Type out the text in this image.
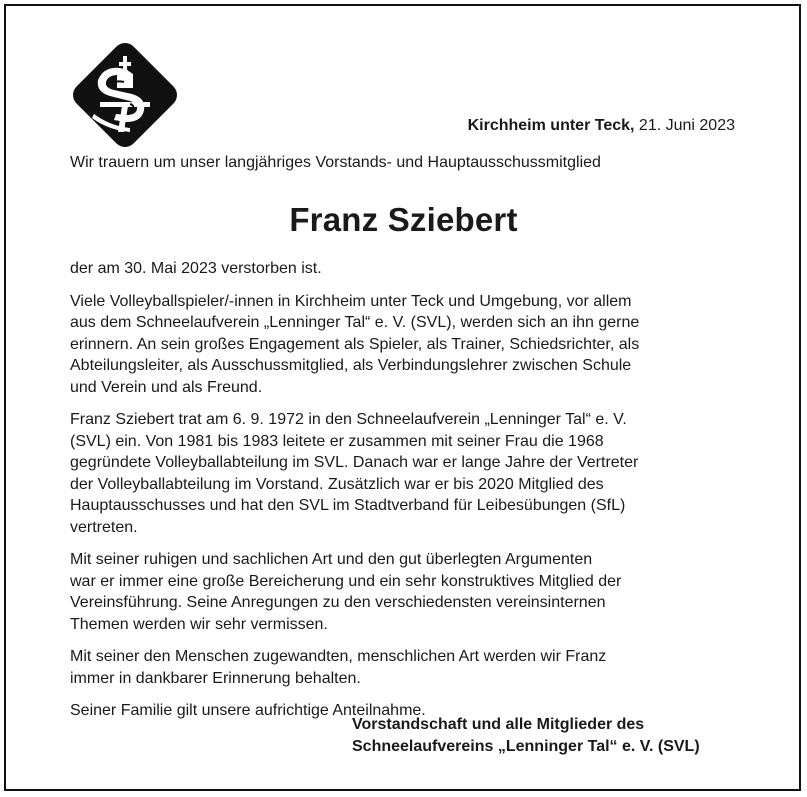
Kirchheim unter Teck, 21. Juni 2023
Wir trauern um unser langjähriges Vorstands- und Hauptausschussmitglied
Franz Sziebert

der am 30. Mai 2023 verstorben ist.

Viele Volleyballspieler/-innen in Kirchheim unter Teck und Umgebung, vor allem
aus dem Schneelaufverein „Lenninger Tal“ e. V. (SVL), werden sich an ihn gerne
erinnern. An sein großes Engagement als Spieler, als Trainer, Schiedsrichter, als
Abteilungsleiter, als Ausschussmitglied, als Verbindungslehrer zwischen Schule
und Verein und als Freund.

Franz Sziebert trat am 6. 9. 1972 in den Schneelaufverein „Lenninger Tal“ e. V.
(SVL) ein. Von 1981 bis 1983 leitete er zusammen mit seiner Frau die 1968
gegründete Volleyballabteilung im SVL. Danach war er lange Jahre der Vertreter
der Volleyballabteilung im Vorstand. Zusätzlich war er bis 2020 Mitglied des
Hauptausschusses und hat den SVL im Stadtverband für Leibesübungen (SfL)
vertreten.

Mit seiner ruhigen und sachlichen Art und den gut überlegten Argumenten
war er immer eine große Bereicherung und ein sehr konstruktives Mitglied der
Vereinsführung. Seine Anregungen zu den verschiedensten vereinsinternen
Themen werden wir sehr vermissen.

Mit seiner den Menschen zugewandten, menschlichen Art werden wir Franz
immer in dankbarer Erinnerung behalten.

Seiner Familie gilt unsere aufrichtige Anteilnahme.

Vorstandschaft und alle Mitglieder des
Schneelaufvereins „Lenninger Tal“ e. V. (SVL)
